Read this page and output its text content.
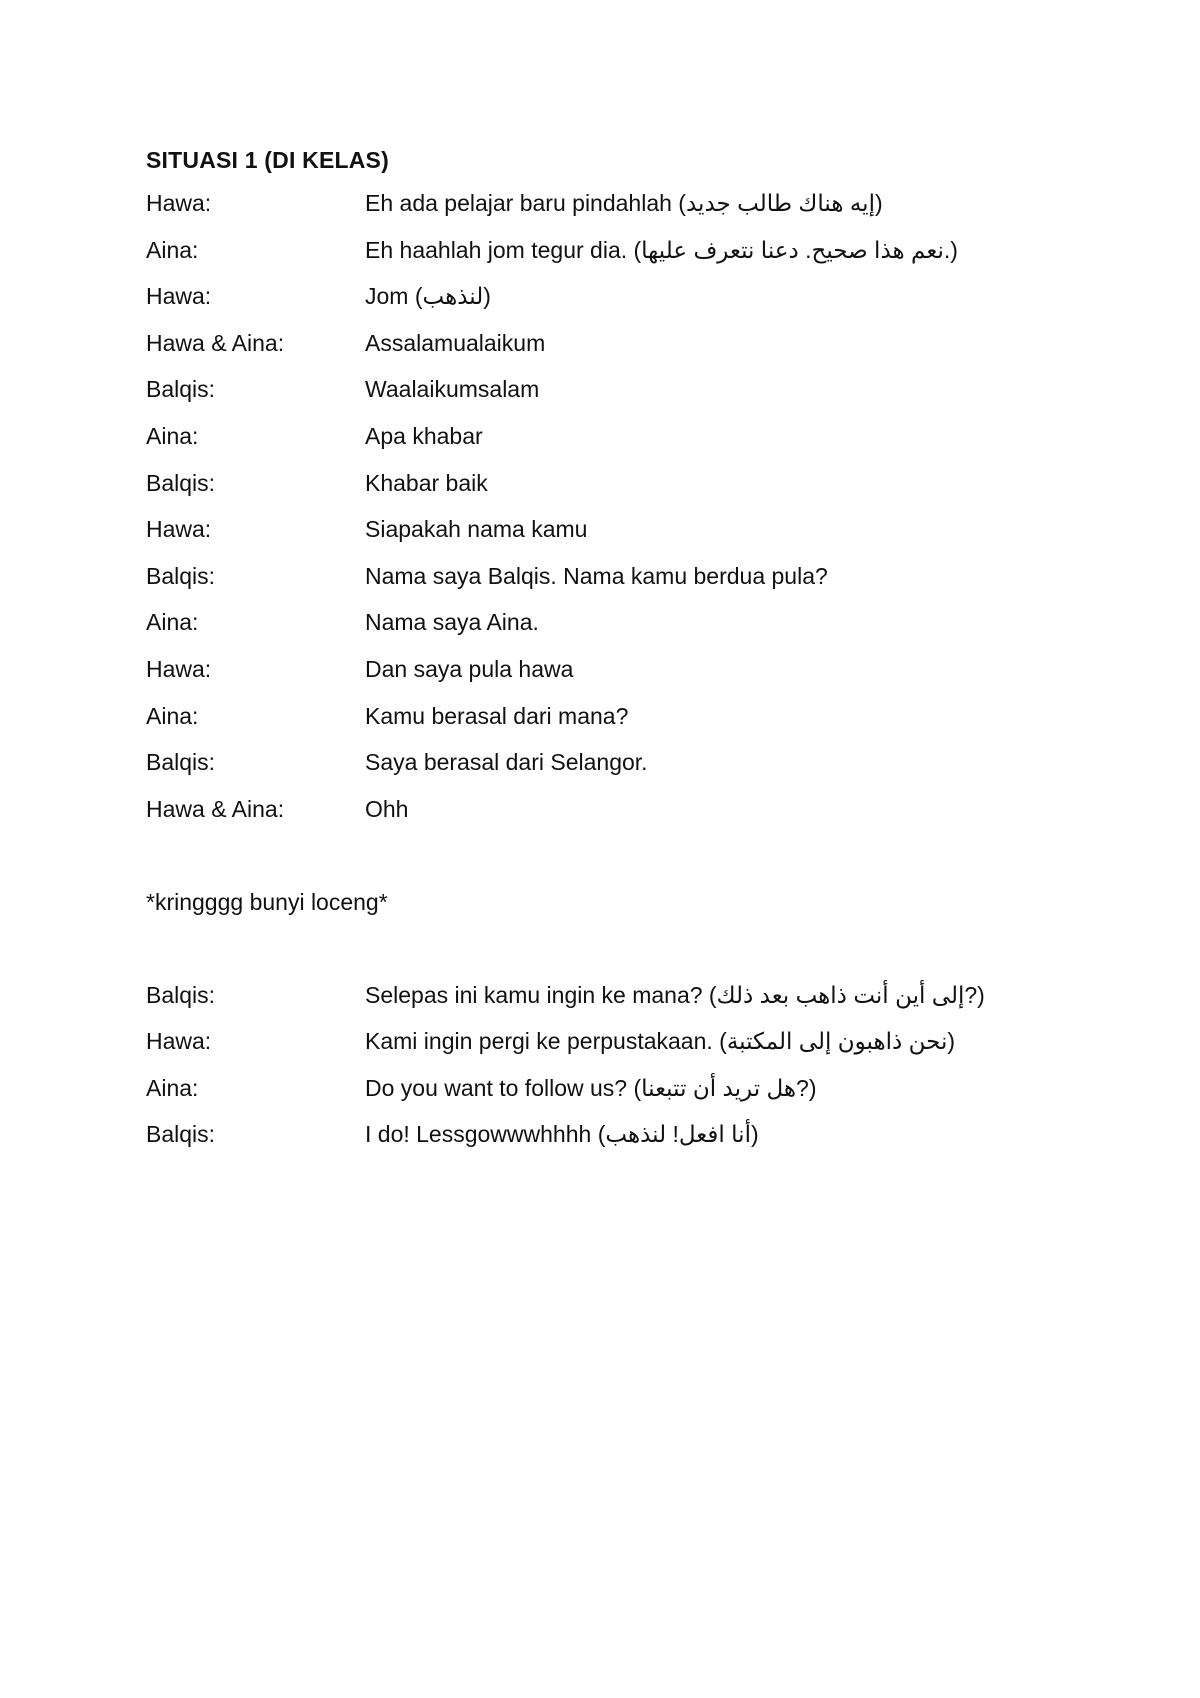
SITUASI 1 (DI KELAS)
Hawa:	Eh ada pelajar baru pindahlah (إيه هناك طالب جديد)
Aina:	Eh haahlah jom tegur dia. (نعم هذا صحيح. دعنا نتعرف عليها.)
Hawa:	Jom (لنذهب)
Hawa & Aina:	Assalamualaikum
Balqis:	Waalaikumsalam
Aina:	Apa khabar
Balqis:	Khabar baik
Hawa:	Siapakah nama kamu
Balqis:	Nama saya Balqis. Nama kamu berdua pula?
Aina:	Nama saya Aina.
Hawa:	Dan saya pula hawa
Aina:	Kamu berasal dari mana?
Balqis:	Saya berasal dari Selangor.
Hawa & Aina:	Ohh
*kringggg bunyi loceng*
Balqis:	Selepas ini kamu ingin ke mana? (إلى أين أنت ذاهب بعد ذلك?)
Hawa:	Kami ingin pergi ke perpustakaan. (نحن ذاهبون إلى المكتبة)
Aina:	Do you want to follow us? (هل تريد أن تتبعنا?)
Balqis:	I do! Lessgowwwhhhh (أنا افعل! لنذهب)
